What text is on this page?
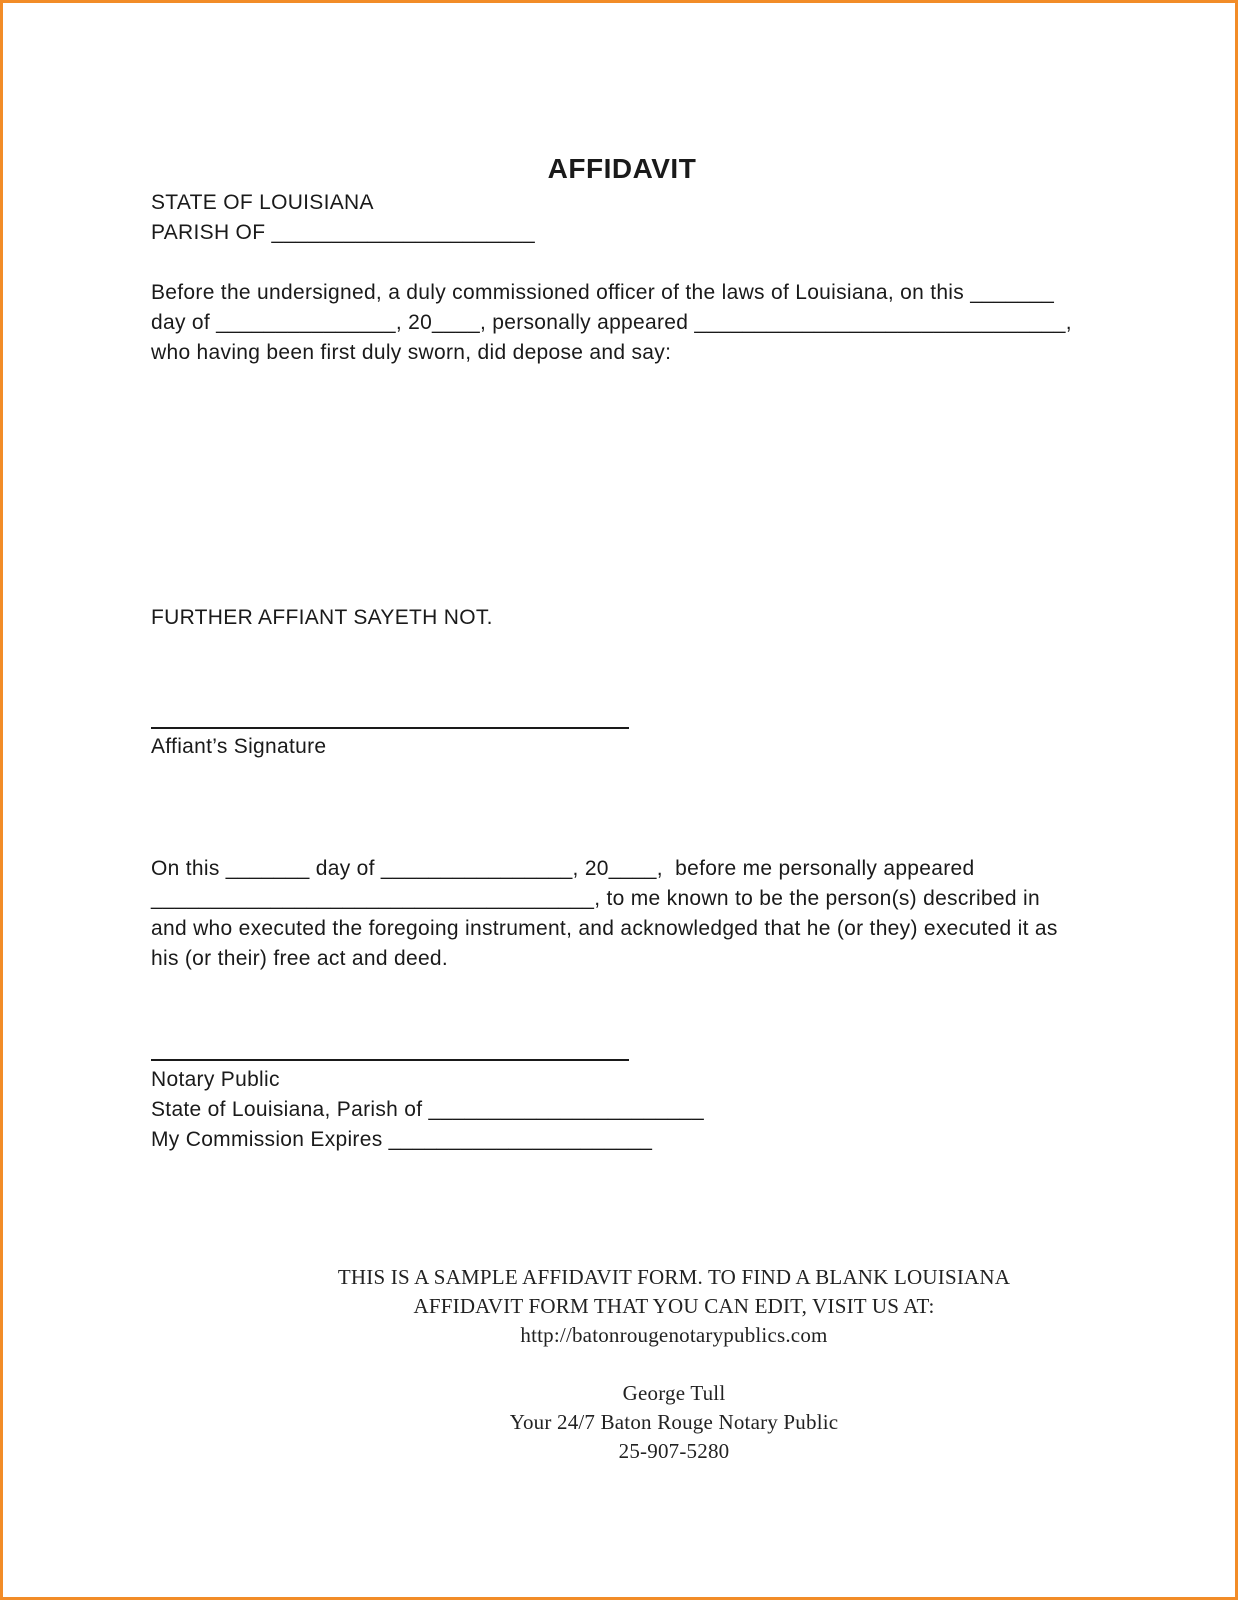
AFFIDAVIT
STATE OF LOUISIANA
PARISH OF ______________________
Before the undersigned, a duly commissioned officer of the laws of Louisiana, on this _______
day of _______________, 20____, personally appeared _______________________________,
who having been first duly sworn, did depose and say:
FURTHER AFFIANT SAYETH NOT.
Affiant’s Signature
On this _______ day of ________________, 20____,  before me personally appeared
_____________________________________, to me known to be the person(s) described in
and who executed the foregoing instrument, and acknowledged that he (or they) executed it as
his (or their) free act and deed.
Notary Public
State of Louisiana, Parish of _______________________
My Commission Expires ______________________
THIS IS A SAMPLE AFFIDAVIT FORM. TO FIND A BLANK LOUISIANA
AFFIDAVIT FORM THAT YOU CAN EDIT, VISIT US AT:
http://batonrougenotarypublics.com
George Tull
Your 24/7 Baton Rouge Notary Public
25-907-5280
